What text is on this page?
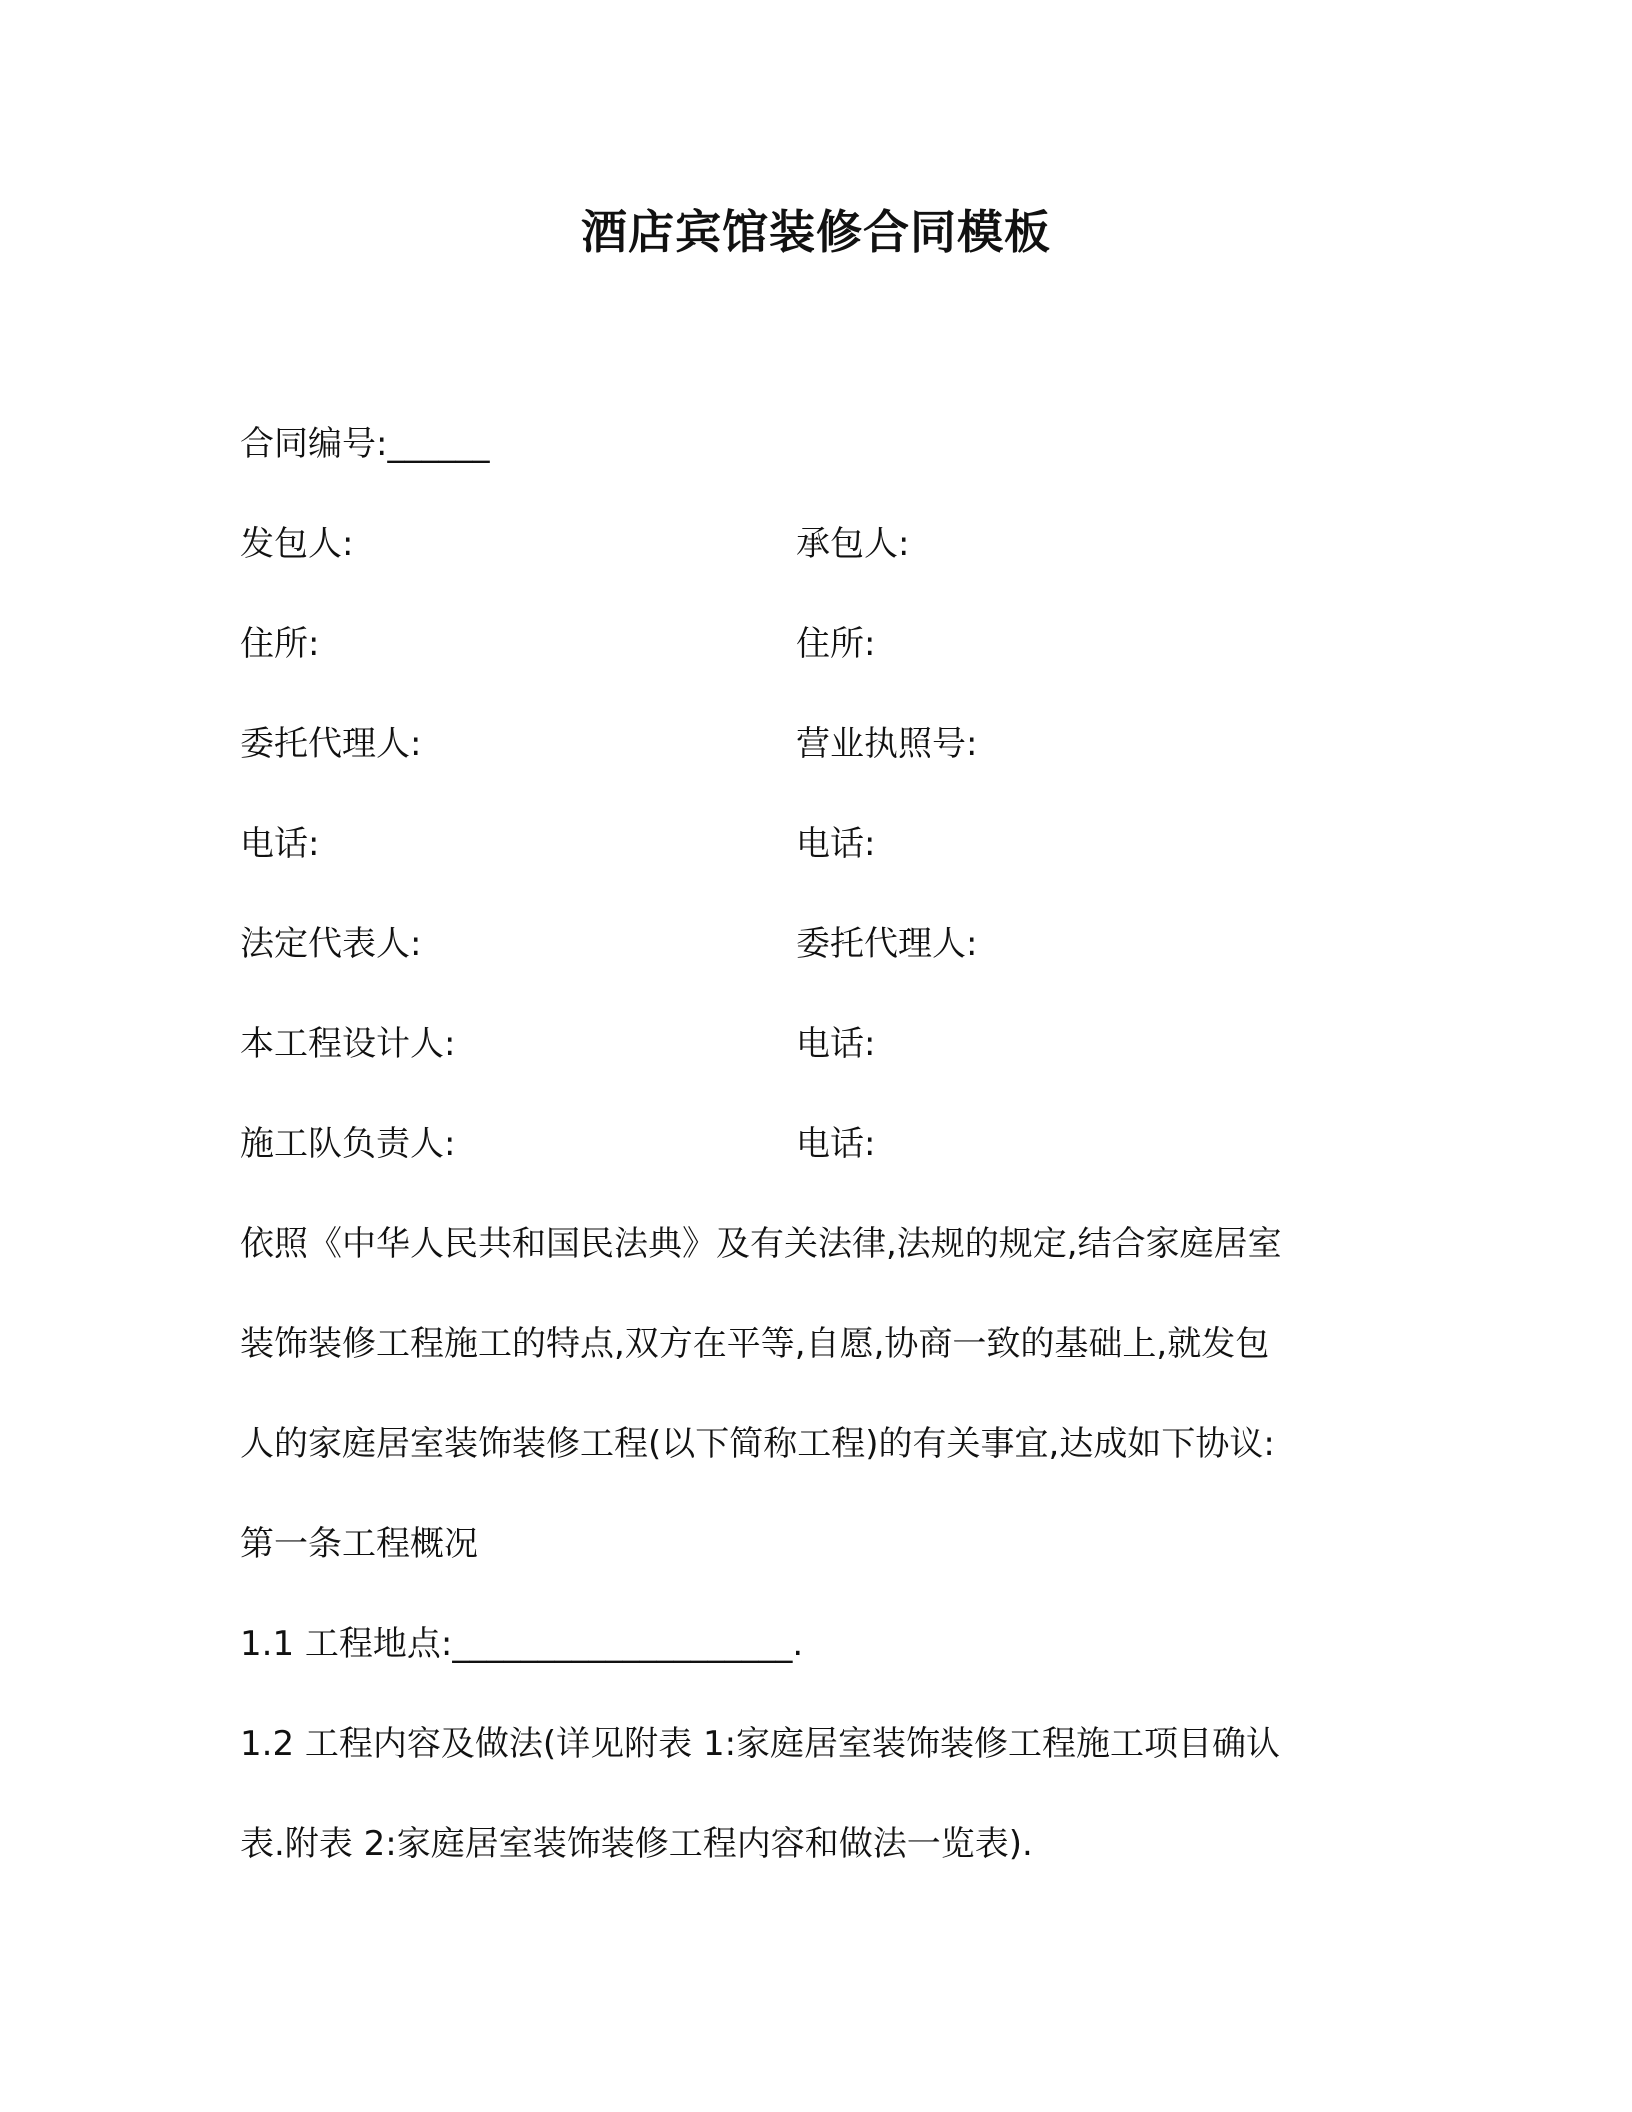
酒店宾馆装修合同模板
合同编号:______
发包人:	承包人:
住所:	住所:
委托代理人:	营业执照号:
电话:	电话:
法定代表人:	委托代理人:
本工程设计人:	电话:
施工队负责人:	电话:
依照《中华人民共和国民法典》及有关法律,法规的规定,结合家庭居室
装饰装修工程施工的特点,双方在平等,自愿,协商一致的基础上,就发包
人的家庭居室装饰装修工程(以下简称工程)的有关事宜,达成如下协议:
第一条工程概况
1.1 工程地点:____________________.
1.2 工程内容及做法(详见附表 1:家庭居室装饰装修工程施工项目确认
表.附表 2:家庭居室装饰装修工程内容和做法一览表).
